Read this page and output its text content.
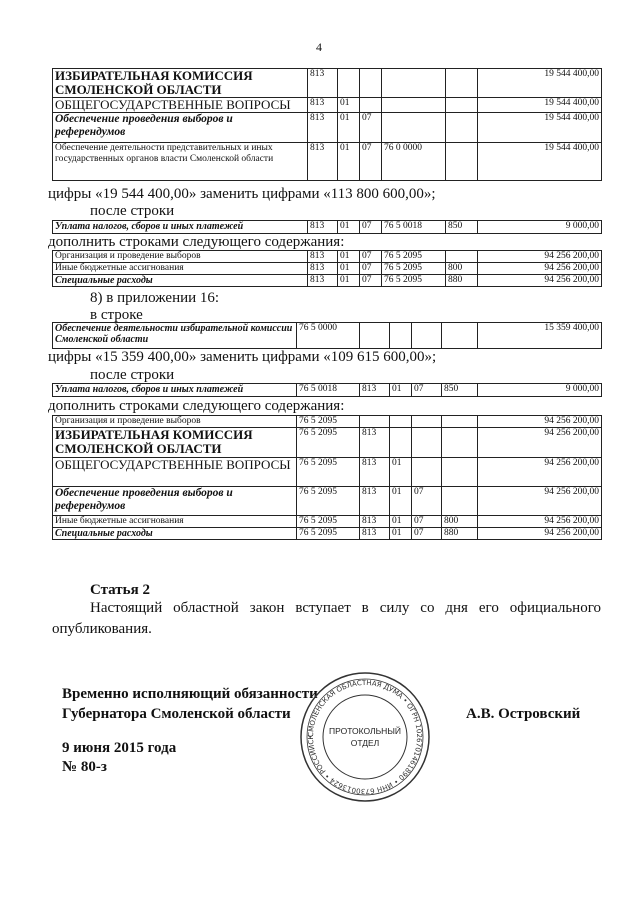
4
ИЗБИРАТЕЛЬНАЯ КОМИССИЯ СМОЛЕНСКОЙ ОБЛАСТИ	813					19 544 400,00
ОБЩЕГОСУДАРСТВЕННЫЕ ВОПРОСЫ	813	01				19 544 400,00
Обеспечение проведения выборов и референдумов	813	01	07			19 544 400,00
Обеспечение деятельности представительных и иных государственных органов власти Смоленской области	813	01	07	76 0 0000		19 544 400,00
цифры «19 544 400,00» заменить цифрами «113 800 600,00»;
после строки
Уплата налогов, сборов и иных платежей	813	01	07	76 5 0018	850	9 000,00
дополнить строками следующего содержания:
Организация и проведение выборов	813	01	07	76 5 2095		94 256 200,00
Иные бюджетные ассигнования	813	01	07	76 5 2095	800	94 256 200,00
Специальные расходы	813	01	07	76 5 2095	880	94 256 200,00
8) в приложении 16:
в строке
Обеспечение деятельности избирательной комиссии Смоленской области	76 5 0000					15 359 400,00
цифры «15 359 400,00» заменить цифрами «109 615 600,00»;
после строки
Уплата налогов, сборов и иных платежей	76 5 0018	813	01	07	850	9 000,00
дополнить строками следующего содержания:
Организация и проведение выборов	76 5 2095					94 256 200,00
ИЗБИРАТЕЛЬНАЯ КОМИССИЯ СМОЛЕНСКОЙ ОБЛАСТИ	76 5 2095	813				94 256 200,00
ОБЩЕГОСУДАРСТВЕННЫЕ ВОПРОСЫ	76 5 2095	813	01			94 256 200,00
Обеспечение проведения выборов и референдумов	76 5 2095	813	01	07		94 256 200,00
Иные бюджетные ассигнования	76 5 2095	813	01	07	800	94 256 200,00
Специальные расходы	76 5 2095	813	01	07	880	94 256 200,00
Статья 2
Настоящий областной закон вступает в силу со дня его официального опубликования.
Временно исполняющий обязанности
Губернатора Смоленской области	А.В. Островский
9 июня 2015 года
№ 80-з
СМОЛЕНСКАЯ ОБЛАСТНАЯ ДУМА • ОГРН 1026701461890 • ИНН 6730013624 • РОССИЙСК
ПРОТОКОЛЬНЫЙ
ОТДЕЛ
